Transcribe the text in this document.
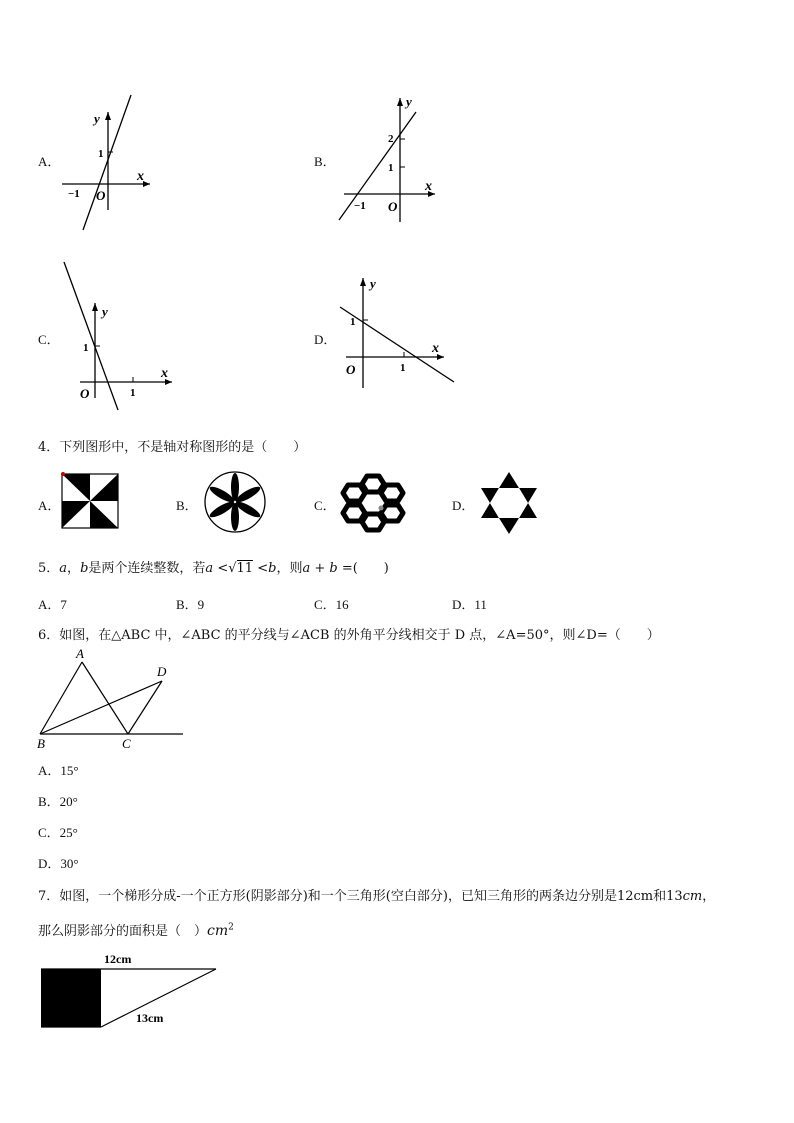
A．
y
x
O
1
−1
B．
y
x
O
2
1
−1
C．
y
x
O
1
1
D．
y
x
O
1
1
4．下列图形中，不是轴对称图形的是（　　）
A．	B．	C．	D．
5．a，b是两个连续整数，若a <√11 <b，则a + b =(　　)
A．7	B．9	C．16	D．11
6．如图，在△ABC 中，∠ABC 的平分线与∠ACB 的外角平分线相交于 D 点，∠A=50°，则∠D=（　　）
A
B	C
D
A．15°
B．20°
C．25°
D．30°
7．如图，一个梯形分成-一个正方形(阴影部分)和一个三角形(空白部分)，已知三角形的两条边分别是12cm和13cm，
那么阴影部分的面积是（　）$cm^2$
12cm
13cm
